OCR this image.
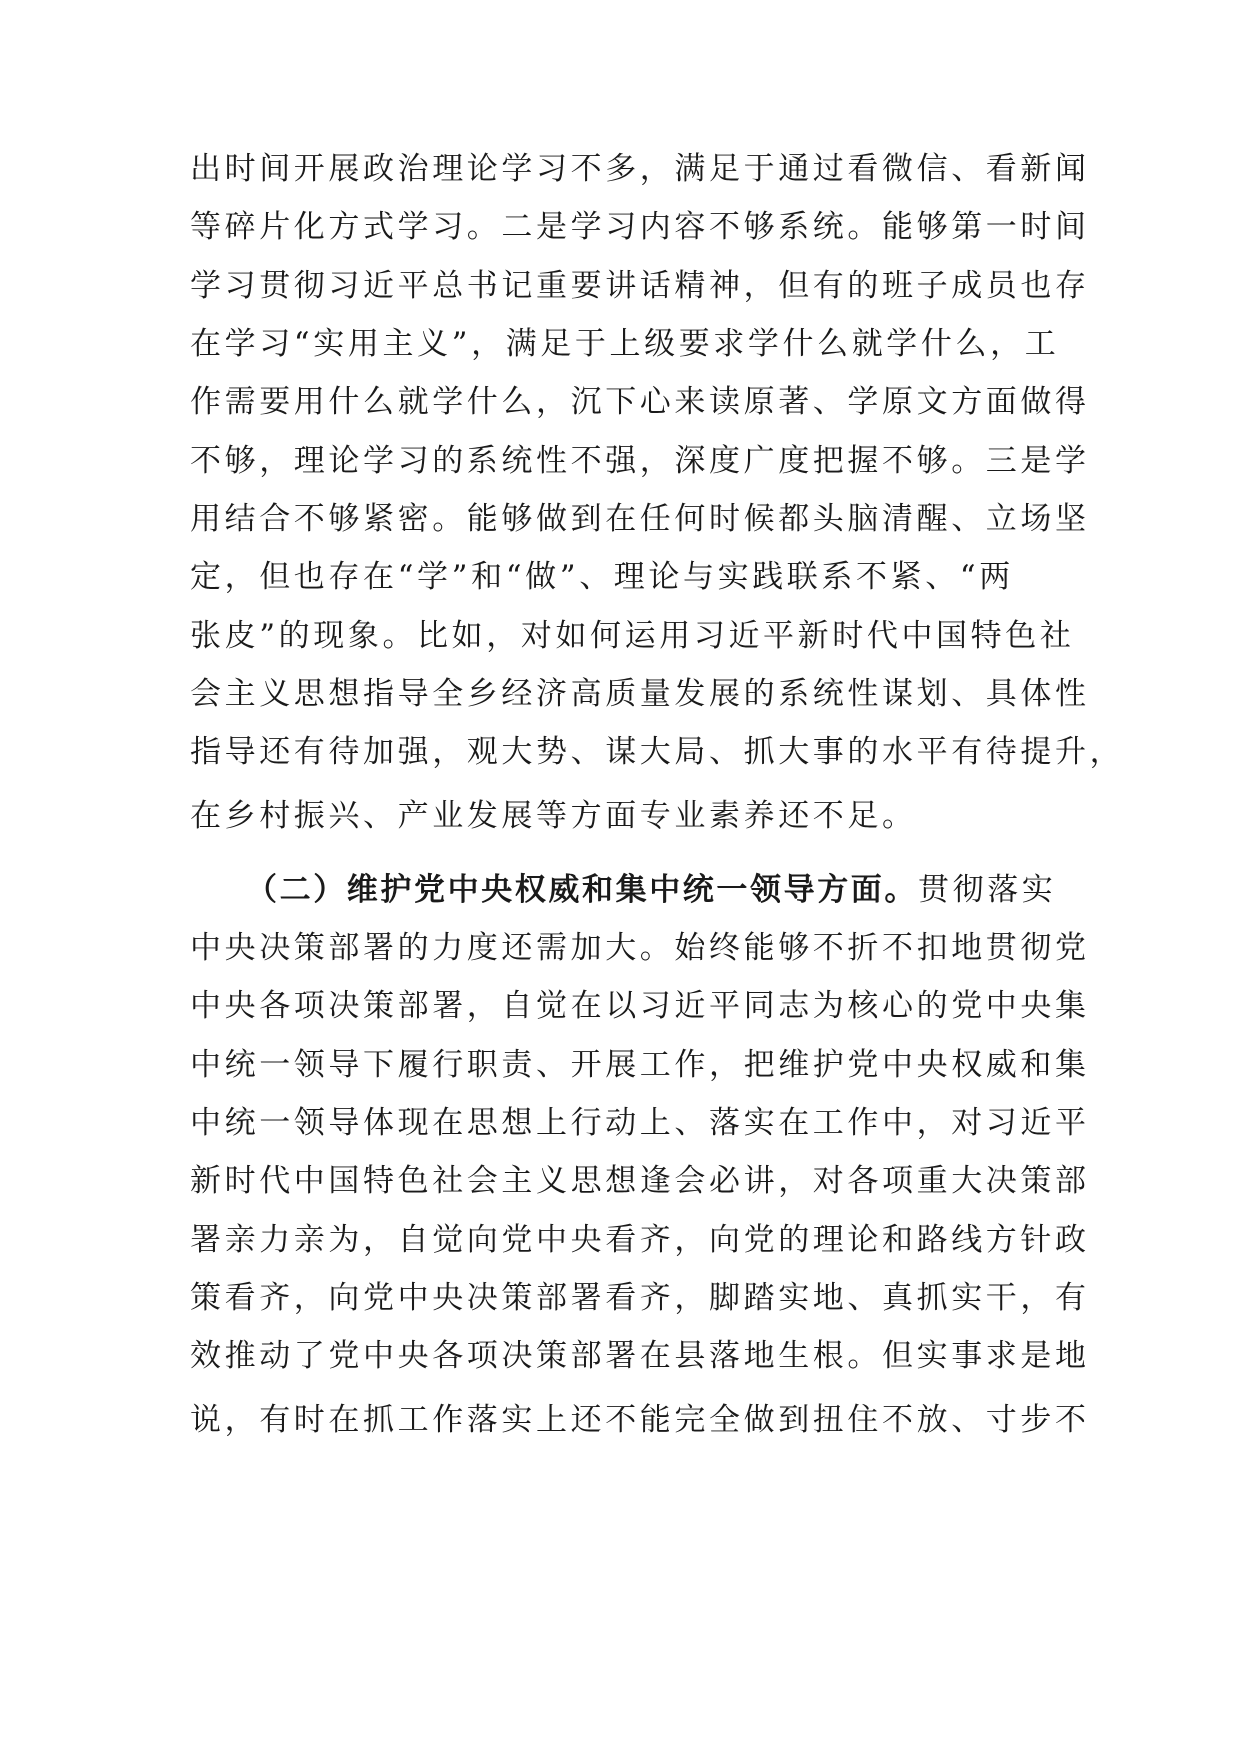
出时间开展政治理论学习不多，满足于通过看微信、看新闻
等碎片化方式学习。二是学习内容不够系统。能够第一时间
学习贯彻习近平总书记重要讲话精神，但有的班子成员也存
在学习“实用主义”，满足于上级要求学什么就学什么，工
作需要用什么就学什么，沉下心来读原著、学原文方面做得
不够，理论学习的系统性不强，深度广度把握不够。三是学
用结合不够紧密。能够做到在任何时候都头脑清醒、立场坚
定，但也存在“学”和“做”、理论与实践联系不紧、“两
张皮”的现象。比如，对如何运用习近平新时代中国特色社
会主义思想指导全乡经济高质量发展的系统性谋划、具体性
指导还有待加强，观大势、谋大局、抓大事的水平有待提升，
在乡村振兴、产业发展等方面专业素养还不足。
（二）维护党中央权威和集中统一领导方面。贯彻落实
中央决策部署的力度还需加大。始终能够不折不扣地贯彻党
中央各项决策部署，自觉在以习近平同志为核心的党中央集
中统一领导下履行职责、开展工作，把维护党中央权威和集
中统一领导体现在思想上行动上、落实在工作中，对习近平
新时代中国特色社会主义思想逢会必讲，对各项重大决策部
署亲力亲为，自觉向党中央看齐，向党的理论和路线方针政
策看齐，向党中央决策部署看齐，脚踏实地、真抓实干，有
效推动了党中央各项决策部署在县落地生根。但实事求是地
说，有时在抓工作落实上还不能完全做到扭住不放、寸步不
